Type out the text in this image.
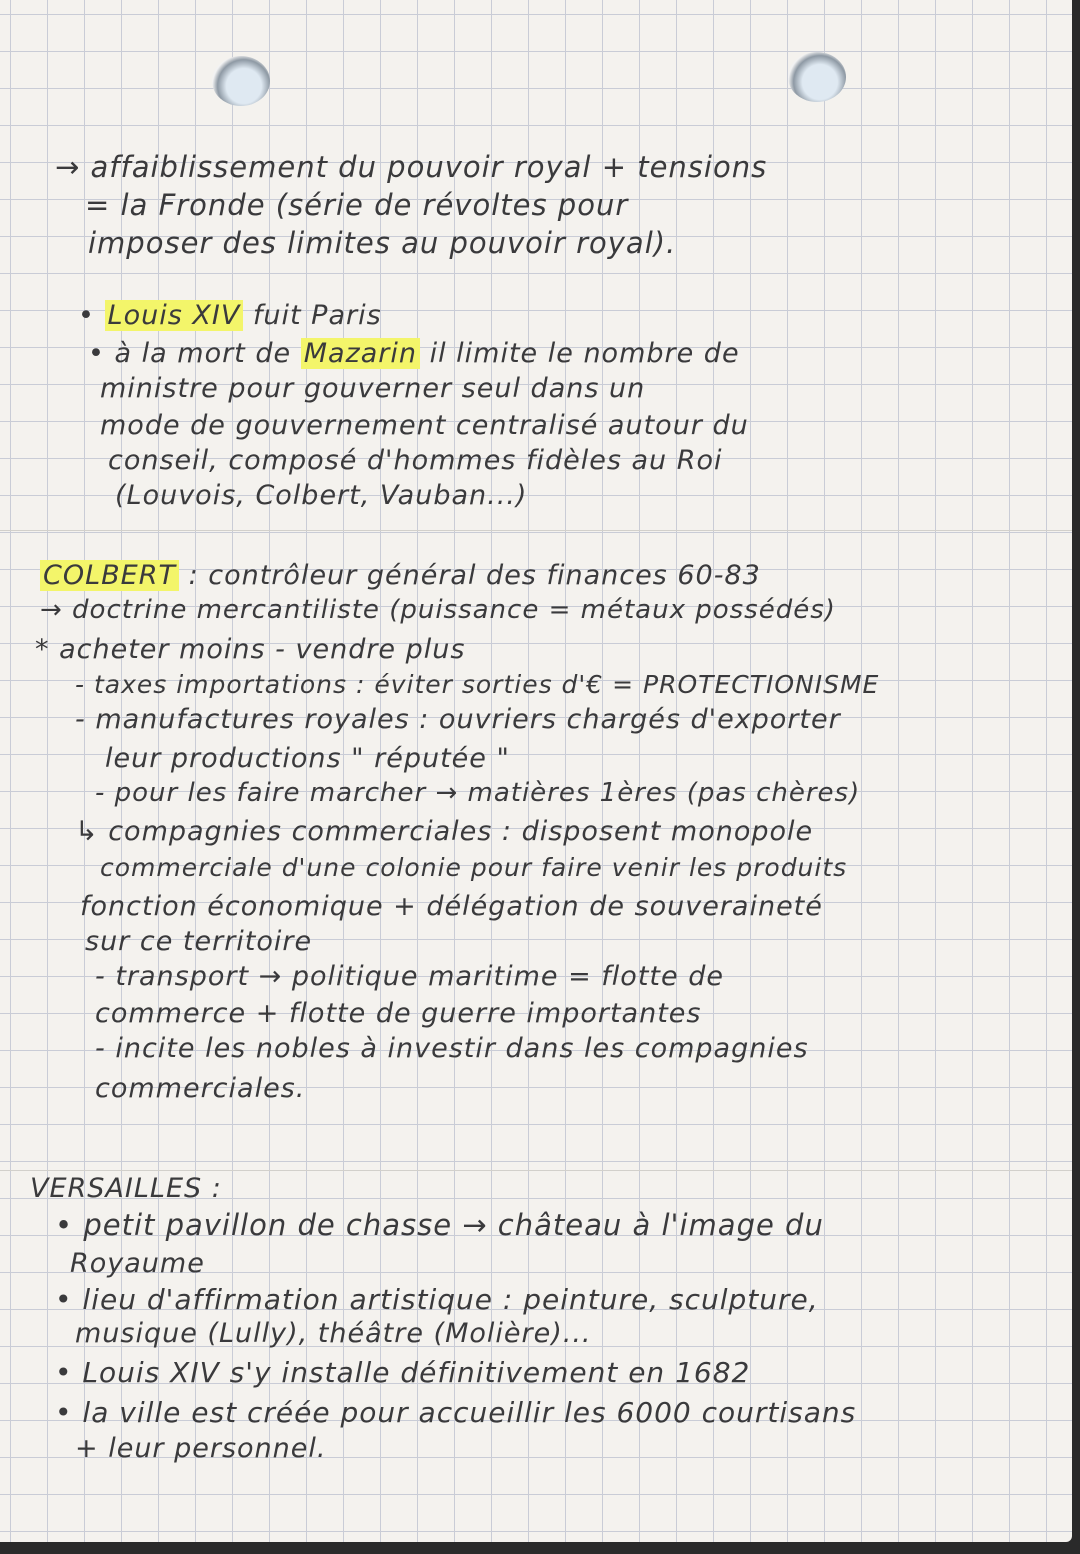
→ affaiblissement du pouvoir royal + tensions
= la Fronde (série de révoltes pour
imposer des limites au pouvoir royal).
• Louis XIV fuit Paris
• à la mort de Mazarin il limite le nombre de
ministre pour gouverner seul dans un
mode de gouvernement centralisé autour du
conseil, composé d'hommes fidèles au Roi
(Louvois, Colbert, Vauban...)
COLBERT : contrôleur général des finances 60-83
→ doctrine mercantiliste (puissance = métaux possédés)
* acheter moins - vendre plus
- taxes importations : éviter sorties d'€ = PROTECTIONISME
- manufactures royales : ouvriers chargés d'exporter
leur productions " réputée "
- pour les faire marcher → matières 1ères (pas chères)
↳ compagnies commerciales : disposent monopole
commerciale d'une colonie pour faire venir les produits
fonction économique + délégation de souveraineté
sur ce territoire
- transport → politique maritime = flotte de
commerce + flotte de guerre importantes
- incite les nobles à investir dans les compagnies
commerciales.
VERSAILLES :
• petit pavillon de chasse → château à l'image du
Royaume
• lieu d'affirmation artistique : peinture, sculpture,
musique (Lully), théâtre (Molière)...
• Louis XIV s'y installe définitivement en 1682
• la ville est créée pour accueillir les 6000 courtisans
+ leur personnel.
